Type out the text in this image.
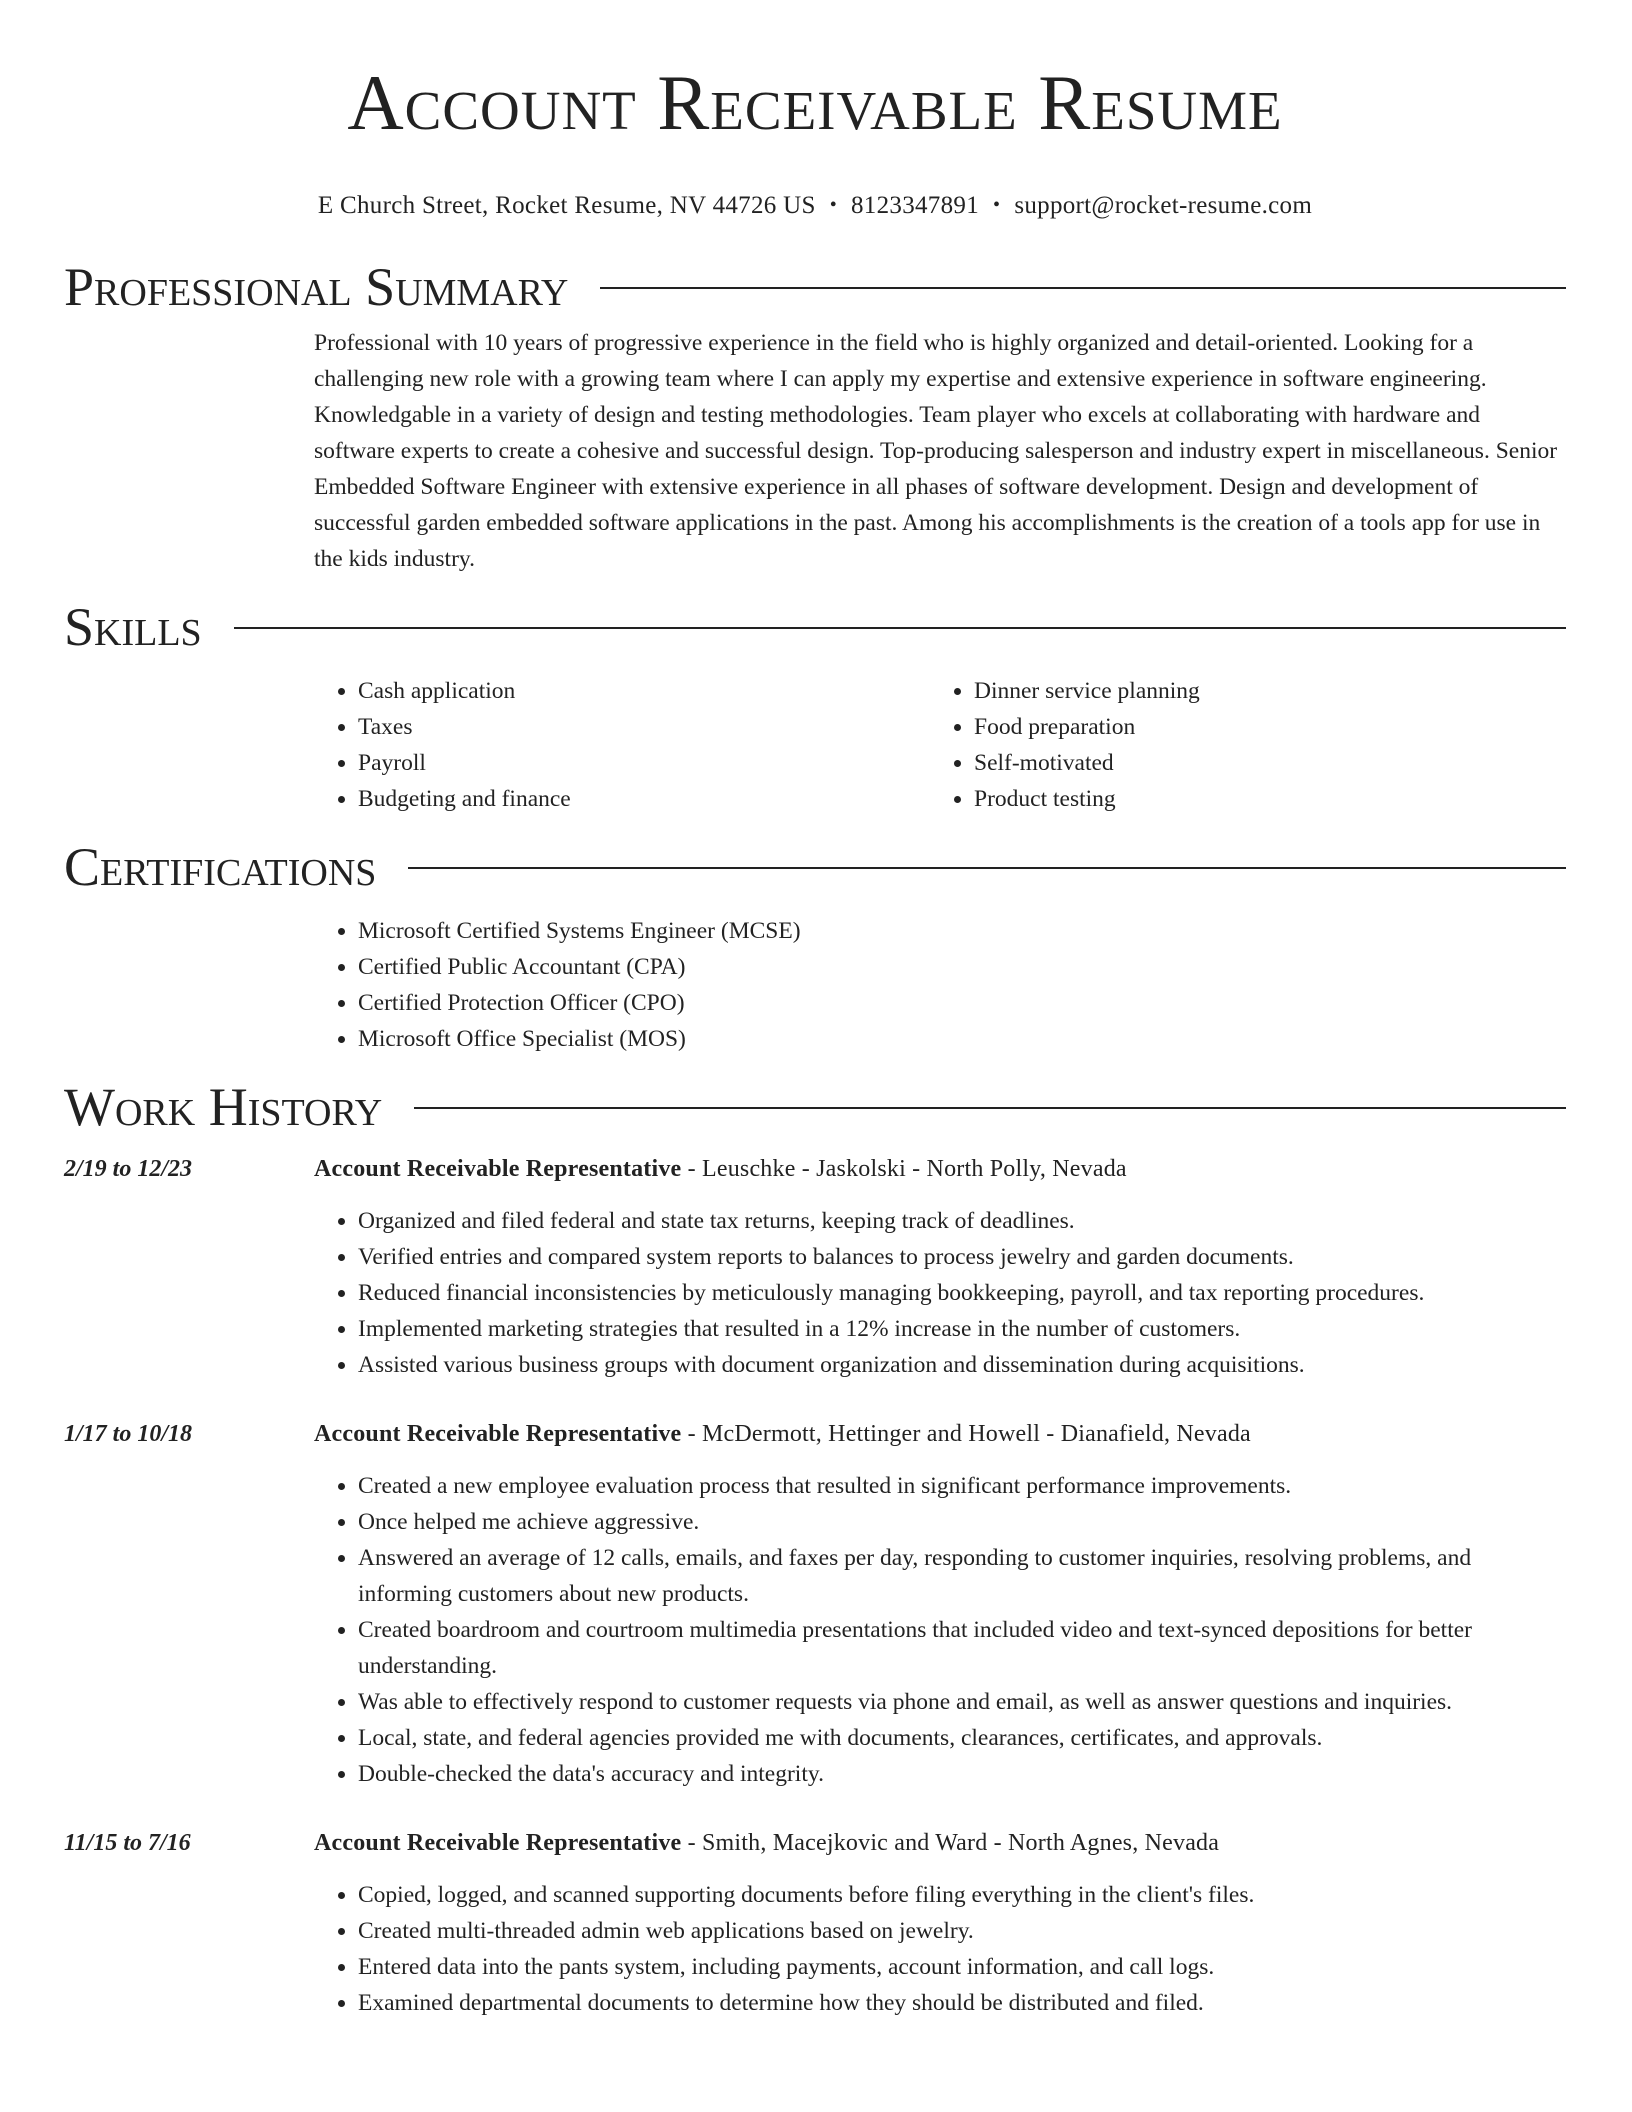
Account Receivable Resume
E Church Street, Rocket Resume, NV 44726 US • 8123347891 • support@rocket-resume.com
Professional Summary

Professional with 10 years of progressive experience in the field who is highly organized and detail-oriented. Looking for a challenging new role with a growing team where I can apply my expertise and extensive experience in software engineering. Knowledgable in a variety of design and testing methodologies. Team player who excels at collaborating with hardware and software experts to create a cohesive and successful design. Top-producing salesperson and industry expert in miscellaneous. Senior Embedded Software Engineer with extensive experience in all phases of software development. Design and development of successful garden embedded software applications in the past. Among his accomplishments is the creation of a tools app for use in the kids industry.

Skills
• Cash application
• Taxes
• Payroll
• Budgeting and finance
• Dinner service planning
• Food preparation
• Self-motivated
• Product testing
Certifications
• Microsoft Certified Systems Engineer (MCSE)
• Certified Public Accountant (CPA)
• Certified Protection Officer (CPO)
• Microsoft Office Specialist (MOS)
Work History
2/19 to 12/23	Account Receivable Representative - Leuschke - Jaskolski - North Polly, Nevada
• Organized and filed federal and state tax returns, keeping track of deadlines.
• Verified entries and compared system reports to balances to process jewelry and garden documents.
• Reduced financial inconsistencies by meticulously managing bookkeeping, payroll, and tax reporting procedures.
• Implemented marketing strategies that resulted in a 12% increase in the number of customers.
• Assisted various business groups with document organization and dissemination during acquisitions.
1/17 to 10/18	Account Receivable Representative - McDermott, Hettinger and Howell - Dianafield, Nevada
• Created a new employee evaluation process that resulted in significant performance improvements.
• Once helped me achieve aggressive.
• Answered an average of 12 calls, emails, and faxes per day, responding to customer inquiries, resolving problems, and informing customers about new products.
• Created boardroom and courtroom multimedia presentations that included video and text-synced depositions for better understanding.
• Was able to effectively respond to customer requests via phone and email, as well as answer questions and inquiries.
• Local, state, and federal agencies provided me with documents, clearances, certificates, and approvals.
• Double-checked the data's accuracy and integrity.
11/15 to 7/16	Account Receivable Representative - Smith, Macejkovic and Ward - North Agnes, Nevada
• Copied, logged, and scanned supporting documents before filing everything in the client's files.
• Created multi-threaded admin web applications based on jewelry.
• Entered data into the pants system, including payments, account information, and call logs.
• Examined departmental documents to determine how they should be distributed and filed.
